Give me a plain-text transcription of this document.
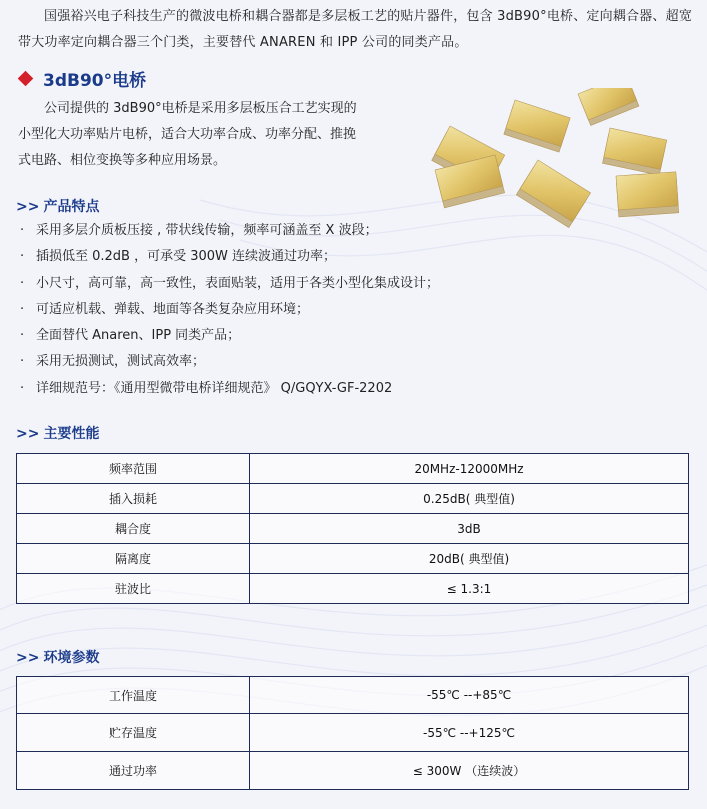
国强裕兴电子科技生产的微波电桥和耦合器都是多层板工艺的贴片器件，包含 3dB90°电桥、定向耦合器、超宽带大功率定向耦合器三个门类，主要替代 ANAREN 和 IPP 公司的同类产品。
3dB90°电桥
公司提供的 3dB90°电桥是采用多层板压合工艺实现的小型化大功率贴片电桥，适合大功率合成、功率分配、推挽式电路、相位变换等多种应用场景。
>> 产品特点
· 采用多层介质板压接 , 带状线传输，频率可涵盖至 X 波段；
· 插损低至 0.2dB ，可承受 300W 连续波通过功率；
· 小尺寸，高可靠，高一致性，表面贴装，适用于各类小型化集成设计；
· 可适应机载、弹载、地面等各类复杂应用环境；
· 全面替代 Anaren、IPP 同类产品；
· 采用无损测试，测试高效率；
· 详细规范号：《通用型微带电桥详细规范》 Q/GQYX-GF-2202
>> 主要性能
频率范围	20MHz-12000MHz
插入损耗	0.25dB( 典型值)
耦合度	3dB
隔离度	20dB( 典型值)
驻波比	≤ 1.3:1
>> 环境参数
工作温度	-55℃ --+85℃
贮存温度	-55℃ --+125℃
通过功率	≤ 300W （连续波）
